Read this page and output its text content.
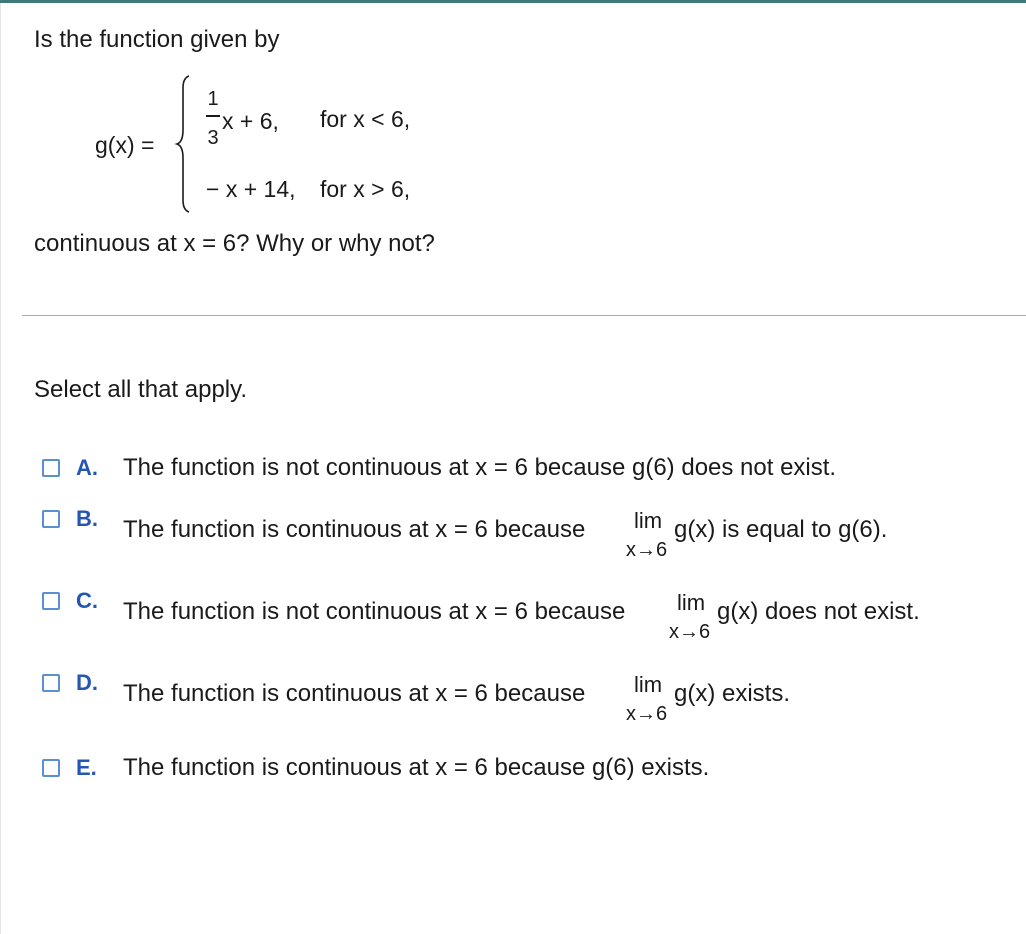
Is the function given by
g(x) =
1
3
x + 6, for x < 6,
− x + 14, for x > 6,
continuous at x = 6? Why or why not?
Select all that apply.
A. The function is not continuous at x = 6 because g(6) does not exist.
B. The function is continuous at x = 6 because lim
x→6
g(x) is equal to g(6).
C. The function is not continuous at x = 6 because lim
x→6
g(x) does not exist.
D. The function is continuous at x = 6 because lim
x→6
g(x) exists.
E. The function is continuous at x = 6 because g(6) exists.
